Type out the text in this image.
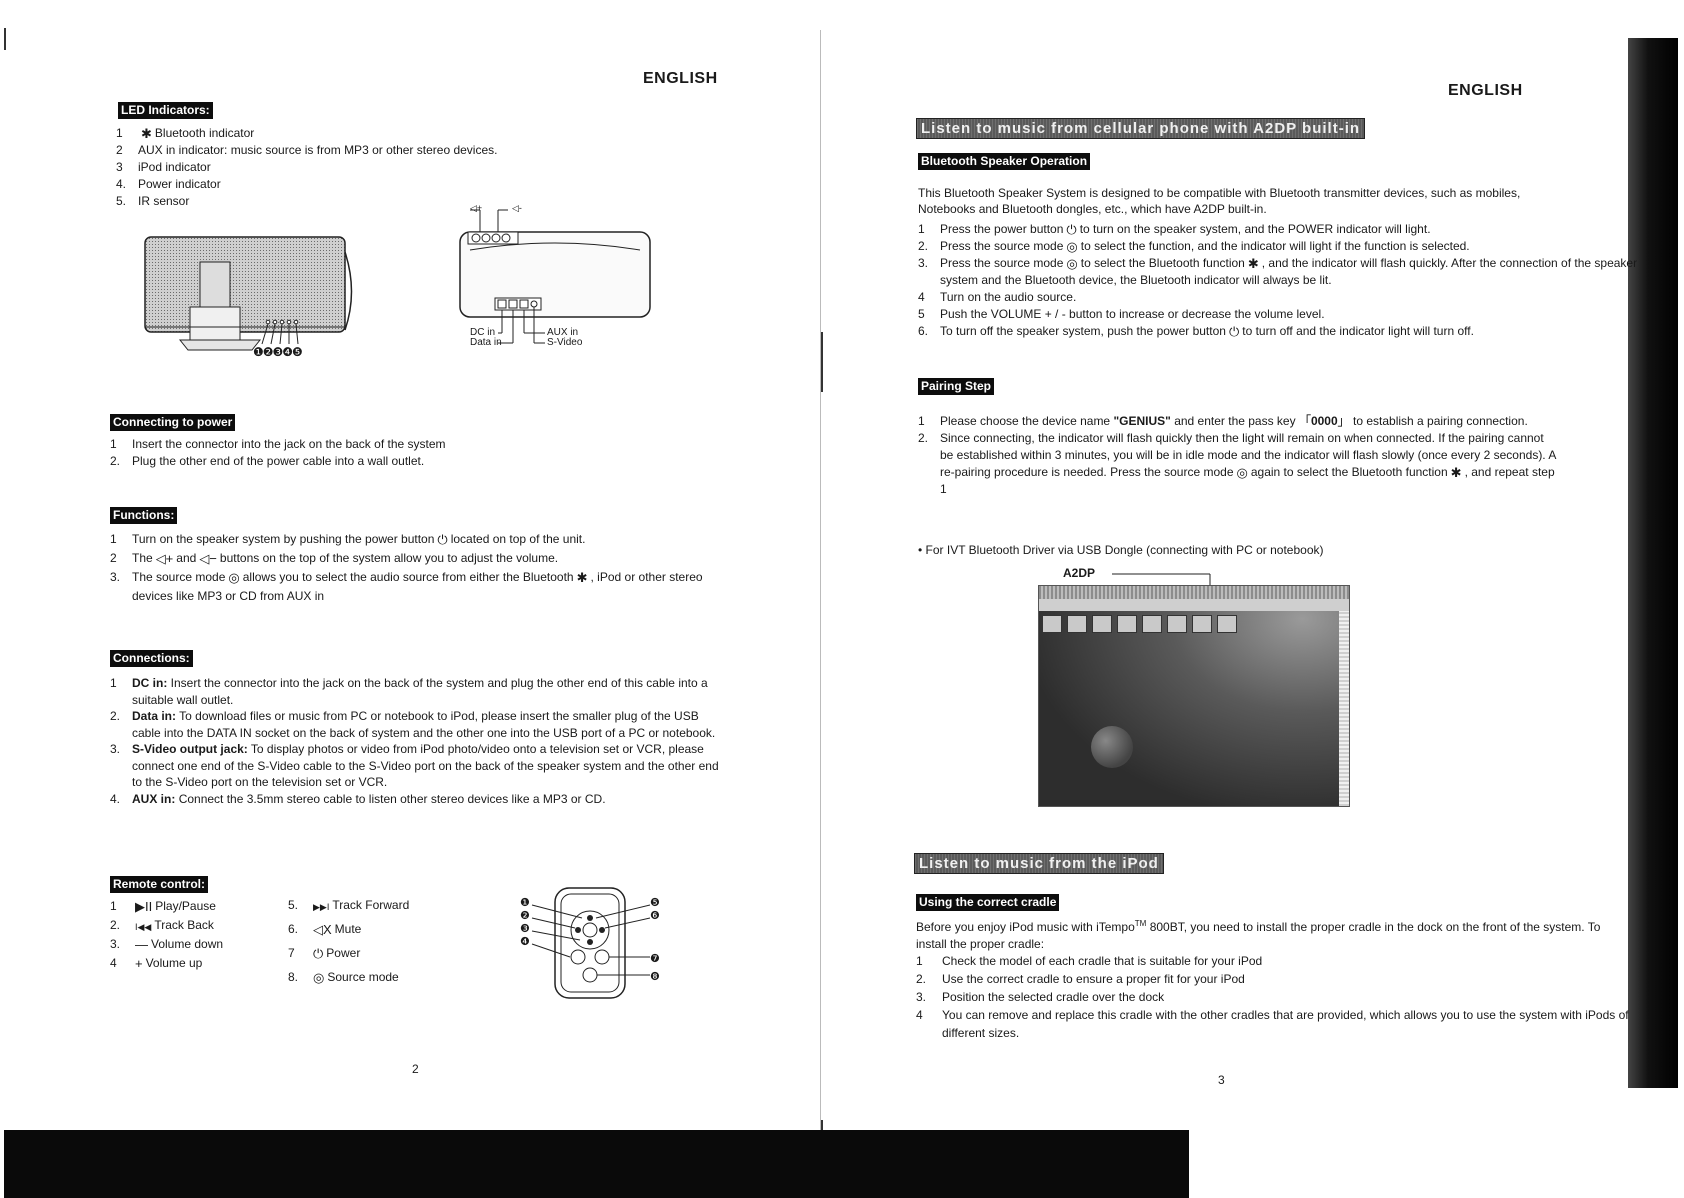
ENGLISH
LED Indicators:
1	✱ Bluetooth indicator
2	AUX in indicator: music source is from MP3 or other stereo devices.
3	iPod indicator
4. Power indicator
5. IR sensor
❶❷❸❹❺
◁+	◁-
DC in
Data in
AUX in
S-Video
Connecting to power
1	Insert the connector into the jack on the back of the system
2. Plug the other end of the power cable into a wall outlet.
Functions:
1	Turn on the speaker system by pushing the power button ⏻ located on top of the unit.
2	The ◁+ and ◁− buttons on the top of the system allow you to adjust the volume.
3. The source mode ◎ allows you to select the audio source from either the Bluetooth ✱ , iPod or other stereo devices like MP3 or CD from AUX in
Connections:
1	DC in: Insert the connector into the jack on the back of the system and plug the other end of this cable into a suitable wall outlet.
2. Data in: To download files or music from PC or notebook to iPod, please insert the smaller plug of the USB cable into the DATA IN socket on the back of system and the other one into the USB port of a PC or notebook.
3. S-Video output jack: To display photos or video from iPod photo/video onto a television set or VCR, please connect one end of the S-Video cable to the S-Video port on the back of the speaker system and the other end to the S-Video port on the television set or VCR.
4. AUX in: Connect the 3.5mm stereo cable to listen other stereo devices like a MP3 or CD.
Remote control:
1	▶II Play/Pause
2.	I◀◀ Track Back
3.	— Volume down
4	+ Volume up
5.	▶▶I Track Forward
6.	◁X Mute
7	⏻ Power
8.	◎ Source mode
❶
❷
❸
❹
❺
❻
❼
❽
2
ENGLISH
Listen to music from cellular phone with A2DP built-in
Bluetooth Speaker Operation
This Bluetooth Speaker System is designed to be compatible with Bluetooth transmitter devices, such as mobiles, Notebooks and Bluetooth dongles, etc., which have A2DP built-in.
1	Press the power button ⏻ to turn on the speaker system, and the POWER indicator will light.
2. Press the source mode ◎ to select the function, and the indicator will light if the function is selected.
3. Press the source mode ◎ to select the Bluetooth function ✱ , and the indicator will flash quickly. After the connection of the speaker system and the Bluetooth device, the Bluetooth indicator will always be lit.
4	Turn on the audio source.
5	Push the VOLUME + / - button to increase or decrease the volume level.
6. To turn off the speaker system, push the power button ⏻ to turn off and the indicator light will turn off.
Pairing Step
1	Please choose the device name "GENIUS" and enter the pass key 「0000」 to establish a pairing connection.
2. Since connecting, the indicator will flash quickly then the light will remain on when connected. If the pairing cannot be established within 3 minutes, you will be in idle mode and the indicator will flash slowly (once every 2 seconds). A re-pairing procedure is needed. Press the source mode ◎ again to select the Bluetooth function ✱ , and repeat step 1
• For IVT Bluetooth Driver via USB Dongle (connecting with PC or notebook)
A2DP
Listen to music from the iPod
Using the correct cradle
Before you enjoy iPod music with iTempo™ 800BT, you need to install the proper cradle in the dock on the front of the system. To install the proper cradle:
1	Check the model of each cradle that is suitable for your iPod
2.	Use the correct cradle to ensure a proper fit for your iPod
3.	Position the selected cradle over the dock
4	You can remove and replace this cradle with the other cradles that are provided, which allows you to use the system with iPods of different sizes.
3
